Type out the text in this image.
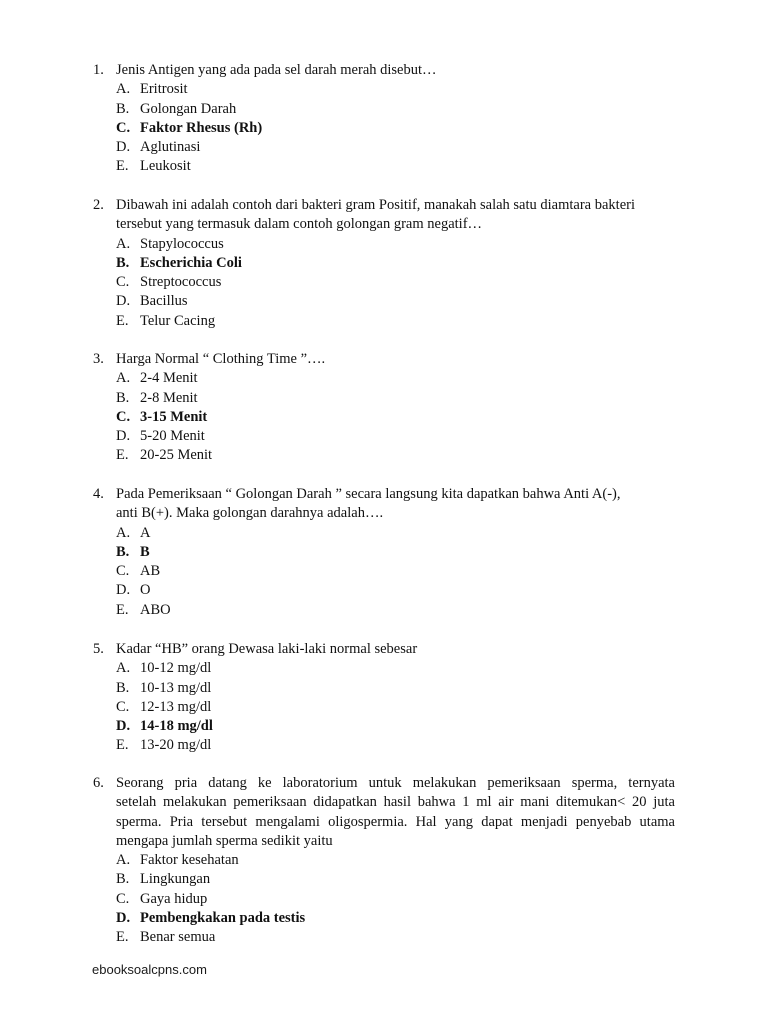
1. Jenis Antigen yang ada pada sel darah merah disebut…
A. Eritrosit
B. Golongan Darah
C. Faktor Rhesus (Rh)
D. Aglutinasi
E. Leukosit
2. Dibawah ini adalah contoh dari bakteri gram Positif, manakah salah satu diamtara bakteri
tersebut yang termasuk dalam contoh golongan gram negatif…
A. Stapylococcus
B. Escherichia Coli
C. Streptococcus
D. Bacillus
E. Telur Cacing
3. Harga Normal “ Clothing Time ”….
A. 2-4 Menit
B. 2-8 Menit
C. 3-15 Menit
D. 5-20 Menit
E. 20-25 Menit
4. Pada Pemeriksaan “ Golongan Darah ” secara langsung kita dapatkan bahwa Anti A(-),
anti B(+). Maka golongan darahnya adalah….
A. A
B. B
C. AB
D. O
E. ABO
5. Kadar “HB” orang Dewasa laki-laki normal sebesar
A. 10-12 mg/dl
B. 10-13 mg/dl
C. 12-13 mg/dl
D. 14-18 mg/dl
E. 13-20 mg/dl
6. Seorang pria datang ke laboratorium untuk melakukan pemeriksaan sperma, ternyata
setelah melakukan pemeriksaan didapatkan hasil bahwa 1 ml air mani ditemukan< 20 juta
sperma. Pria tersebut mengalami oligospermia. Hal yang dapat menjadi penyebab utama
mengapa jumlah sperma sedikit yaitu
A. Faktor kesehatan
B. Lingkungan
C. Gaya hidup
D. Pembengkakan pada testis
E. Benar semua
ebooksoalcpns.com
